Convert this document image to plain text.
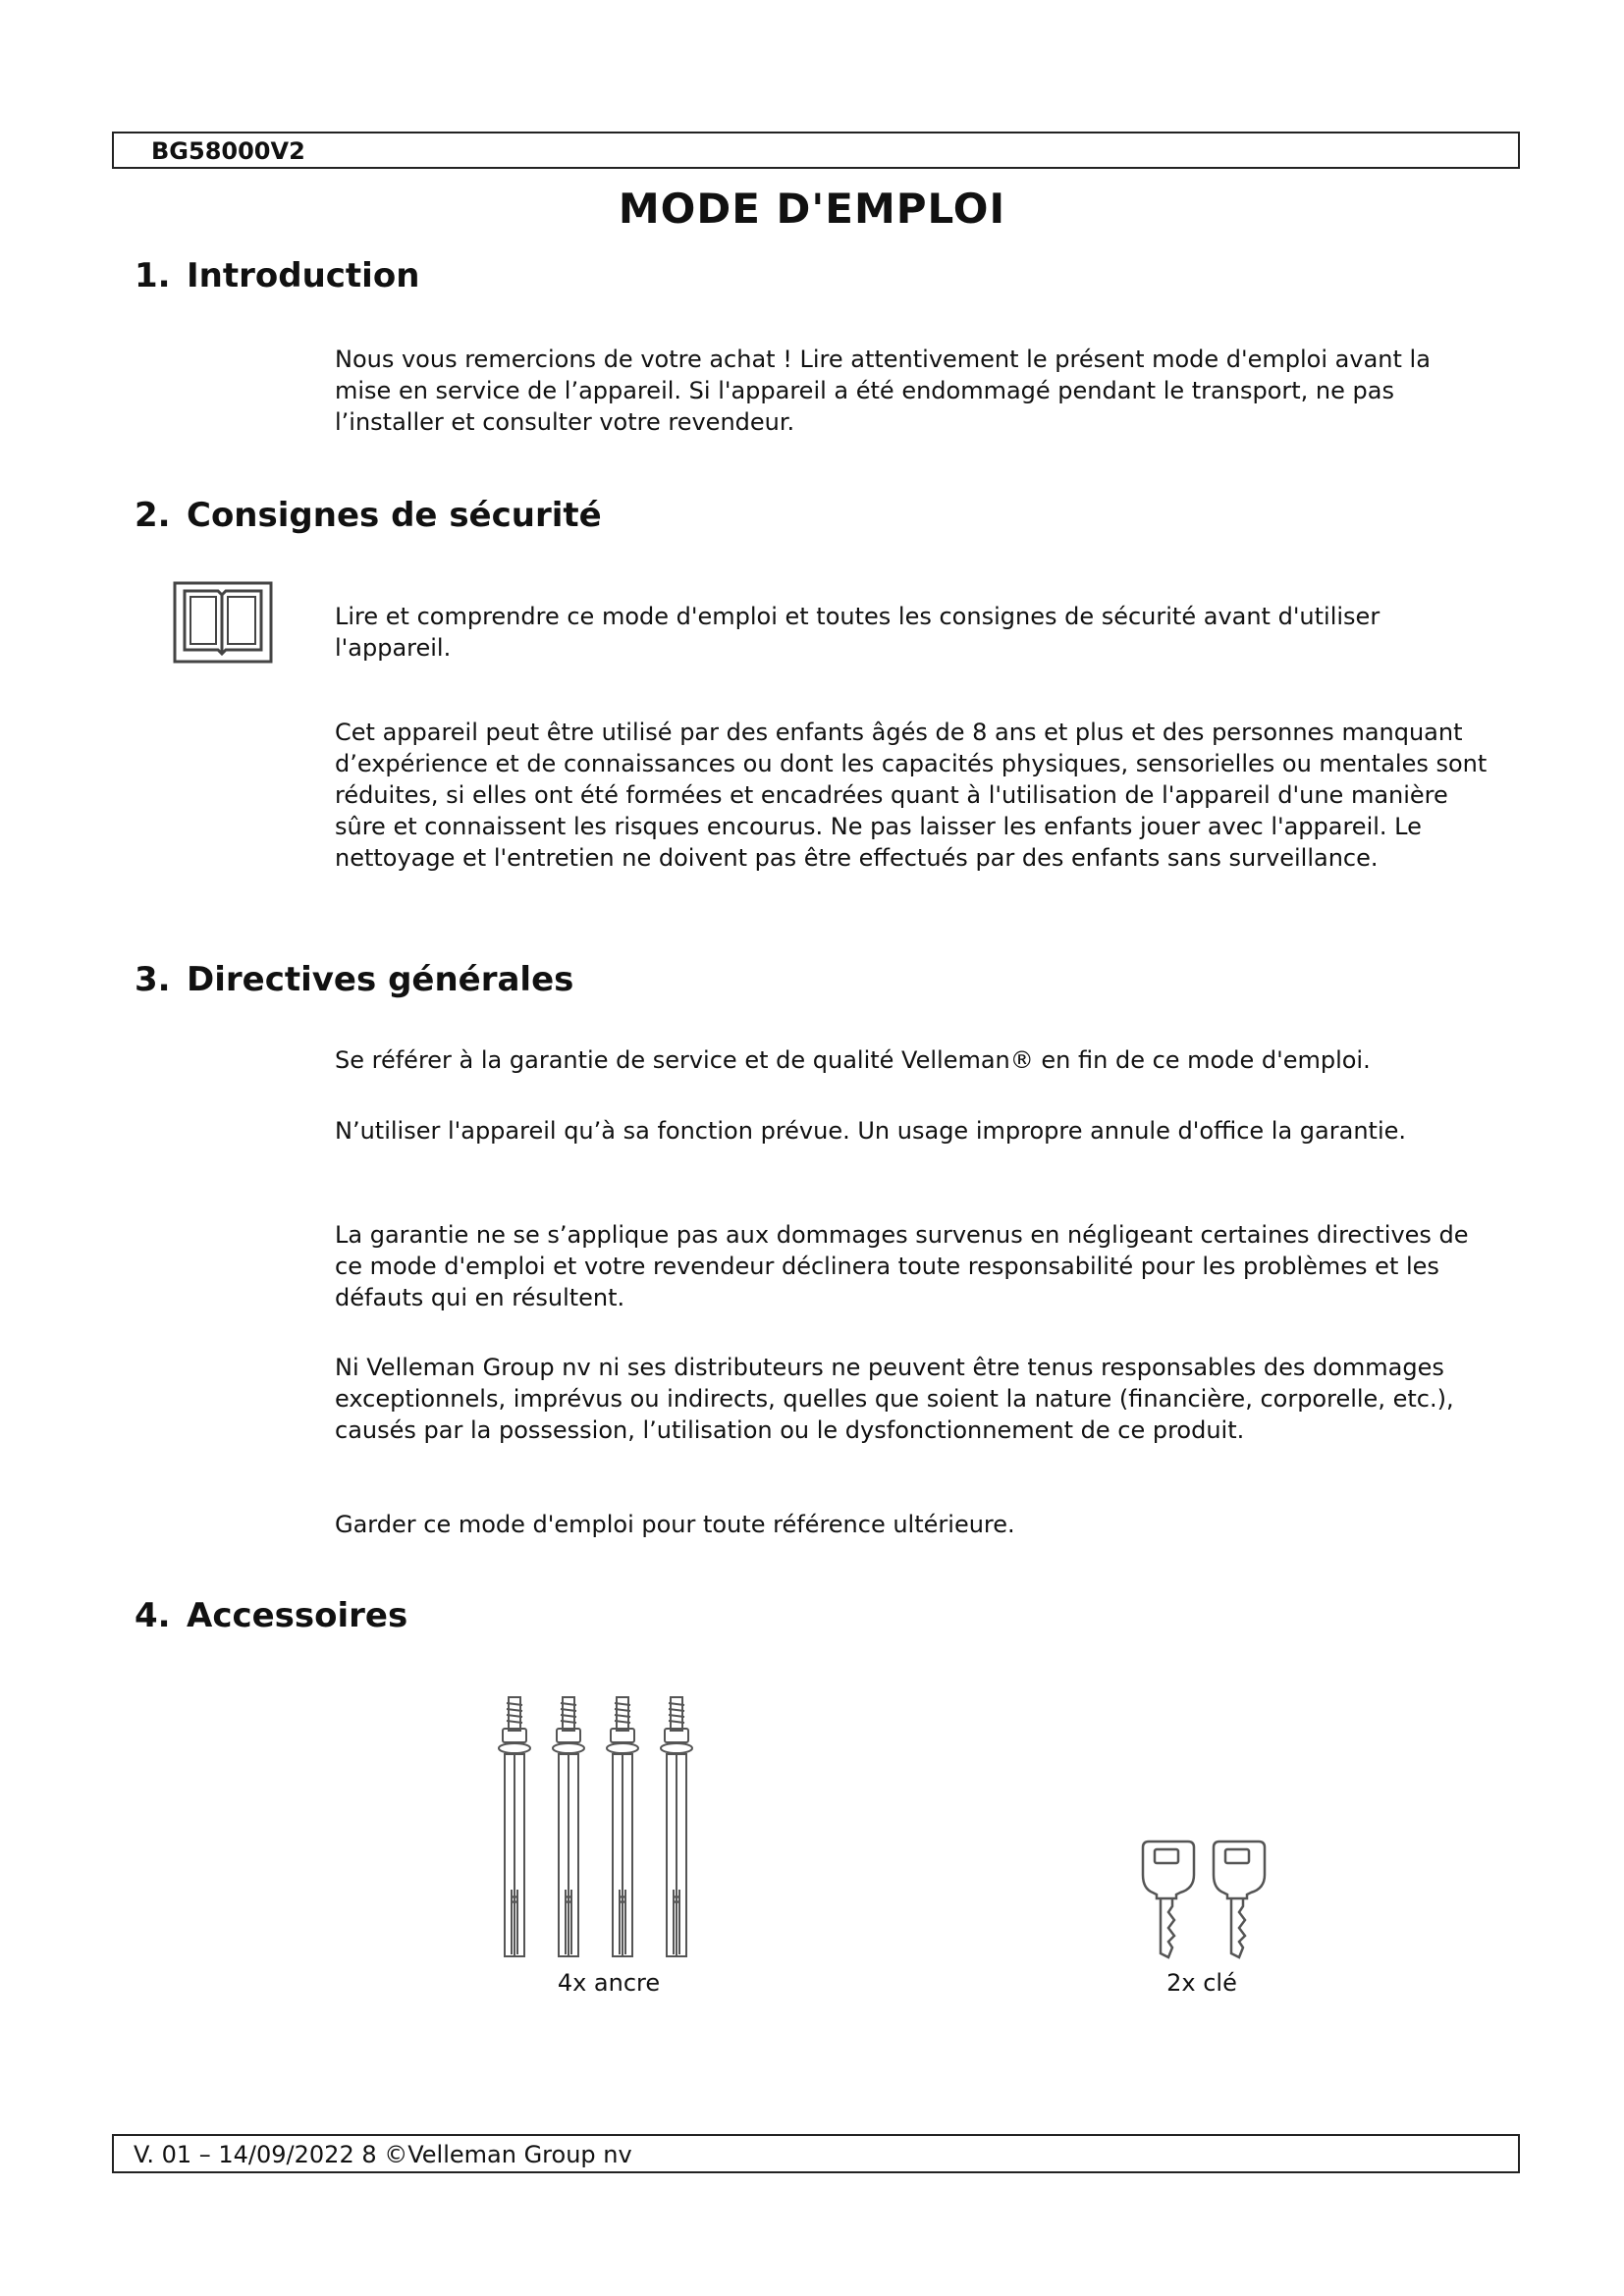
BG58000V2
MODE D'EMPLOI
1. Introduction

Nous vous remercions de votre achat ! Lire attentivement le présent mode d'emploi avant la mise en service de l’appareil. Si l'appareil a été endommagé pendant le transport, ne pas l’installer et consulter votre revendeur.

2. Consignes de sécurité

Lire et comprendre ce mode d'emploi et toutes les consignes de sécurité avant d'utiliser l'appareil.

Cet appareil peut être utilisé par des enfants âgés de 8 ans et plus et des personnes manquant d’expérience et de connaissances ou dont les capacités physiques, sensorielles ou mentales sont réduites, si elles ont été formées et encadrées quant à l'utilisation de l'appareil d'une manière sûre et connaissent les risques encourus. Ne pas laisser les enfants jouer avec l'appareil. Le nettoyage et l'entretien ne doivent pas être effectués par des enfants sans surveillance.

3. Directives générales

Se référer à la garantie de service et de qualité Velleman® en fin de ce mode d'emploi.

N’utiliser l'appareil qu’à sa fonction prévue. Un usage impropre annule d'office la garantie.

La garantie ne se s’applique pas aux dommages survenus en négligeant certaines directives de ce mode d'emploi et votre revendeur déclinera toute responsabilité pour les problèmes et les défauts qui en résultent.

Ni Velleman Group nv ni ses distributeurs ne peuvent être tenus responsables des dommages exceptionnels, imprévus ou indirects, quelles que soient la nature (financière, corporelle, etc.), causés par la possession, l’utilisation ou le dysfonctionnement de ce produit.

Garder ce mode d'emploi pour toute référence ultérieure.

4. Accessoires
4x ancre	2x clé
V. 01 – 14/09/2022 8 ©Velleman Group nv
